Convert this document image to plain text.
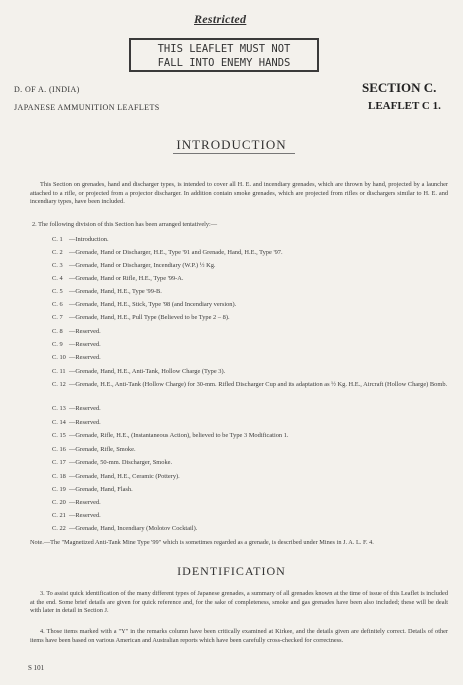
Restricted
THIS LEAFLET MUST NOT
FALL INTO ENEMY HANDS
D. OF A. (INDIA)
JAPANESE AMMUNITION LEAFLETS
SECTION C.
LEAFLET C 1.
INTRODUCTION
This Section on grenades, hand and discharger types, is intended to cover all H. E. and incendiary grenades, which are thrown by hand, projected by a launcher attached to a rifle, or projected from a projector discharger. In addition contain smoke grenades, which are projected from rifles or dischargers similar to H. E. and incendiary types, have been included.
2. The following division of this Section has been arranged tentatively:—
C. 1 —Introduction.
C. 2 —Grenade, Hand or Discharger, H.E., Type '91 and Grenade, Hand, H.E., Type '97.
C. 3 —Grenade, Hand or Discharger, Incendiary (W.P.) ½ Kg.
C. 4 —Grenade, Hand or Rifle, H.E., Type '99-A.
C. 5 —Grenade, Hand, H.E., Type '99-B.
C. 6 —Grenade, Hand, H.E., Stick, Type '98 (and Incendiary version).
C. 7 —Grenade, Hand, H.E., Pull Type (Believed to be Type 2 – 8).
C. 8 —Reserved.
C. 9 —Reserved.
C. 10 —Reserved.
C. 11 —Grenade, Hand, H.E., Anti-Tank, Hollow Charge (Type 3).
C. 12 —Grenade, H.E., Anti-Tank (Hollow Charge) for 30-mm. Rifled Discharger Cup and its adaptation as ½ Kg. H.E., Aircraft (Hollow Charge) Bomb.
C. 13 —Reserved.
C. 14 —Reserved.
C. 15 —Grenade, Rifle, H.E., (Instantaneous Action), believed to be Type 3 Modification 1.
C. 16 —Grenade, Rifle, Smoke.
C. 17 —Grenade, 50-mm. Discharger, Smoke.
C. 18 —Grenade, Hand, H.E., Ceramic (Pottery).
C. 19 —Grenade, Hand, Flash.
C. 20 —Reserved.
C. 21 —Reserved.
C. 22 —Grenade, Hand, Incendiary (Molotov Cocktail).
Note.—The "Magnetized Anti-Tank Mine Type '99" which is sometimes regarded as a grenade, is described under Mines in J. A. L. F. 4.
IDENTIFICATION
3. To assist quick identification of the many different types of Japanese grenades, a summary of all grenades known at the time of issue of this Leaflet is included at the end. Some brief details are given for quick reference and, for the sake of completeness, smoke and gas grenades have been also included; these will be dealt with later in detail in Section J.
4. Those items marked with a "Y" in the remarks column have been critically examined at Kirkee, and the details given are definitely correct. Details of other items have been based on various American and Australian reports which have been carefully cross-checked for correctness.
S 101
